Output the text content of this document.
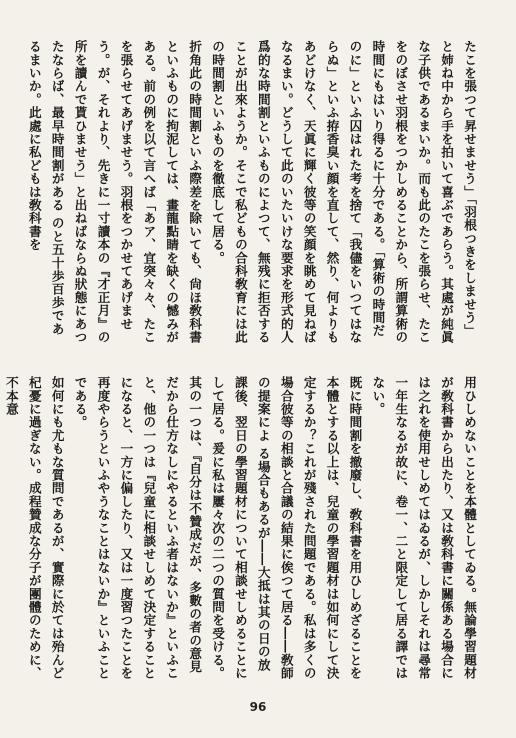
たこを張つて昇せませう」「羽根つきをしませう」と姉ね中から手を拍いて喜ぶであらう。其處が純眞な子供であるまいか。而も此のたこを張らせ、たこをのぼさせ羽根をつかしめることから、所謂算術の時間にもはいり得るに十分である。「算術の時間だのに」といふ囚はれた考を捨て「我儘をいつてはならぬ」といふ拵香臭い顔を直して、然り、何よりもあどけなく、天眞に輝く彼等の笑顔を眺めて見ねばなるまい。どうして此のいたいけな要求を形式的人爲的な時間割といふものによつて、無残に拒否することが出來ようか。そこで私どもの合科敎育には此の時間割といふものを徹底して居る。

折角此の時間割といふ際差を除いても、尙ほ敎科書といふものに拘泥しては、畫龍點睛を缺くの憾みがある。前の例を以て言へば「あア、宜突々々、たこを張らせてあげませう。羽根をつかせてあげませう。が、それより、先きに一寸讀本の『才正月』の所を讀んで貰ひませう」と出ねばならぬ狀態にあつたならば、最早時間割がある のと五十歩百歩であるまいか。此處に私どもは敎科書を

用ひしめないことを本體としてゐる。無論學習題材が敎科書から出たり、又は敎科書に關係ある場合には之れを使用せしめてはゐるが、しかしそれは尋常一年生なるが故に、卷一、二と限定して居る譯ではない。

既に時間割を撤廢し、敎科書を用ひしめざることを本體とする以上は、兒童の學習題材は如何にして決定するか？これが殘された問題である。私は多くの場合彼等の相談と合議の結果に俟つて居る――敎師の提案によ る場合もあるが――大抵は其の日の放課後、翌日の學習題材について相談せしめることにして居る。爰に私は屢々次の二つの質問を受ける。其の一つは、『自分は不贊成だが、多數の者の意見だから仕方なしにやるといふ者はないか』といふこと、他の一つは『兒童に相談せしめて決定することになると、一方に偏したり、又は一度習つたことを再度やらうといふやうなことはないか』といふことである。

如何にも尤もな質問であるが、實際に於ては殆んど杞憂に過ぎない。成程贊成な分子が團體のために、不本意

96
